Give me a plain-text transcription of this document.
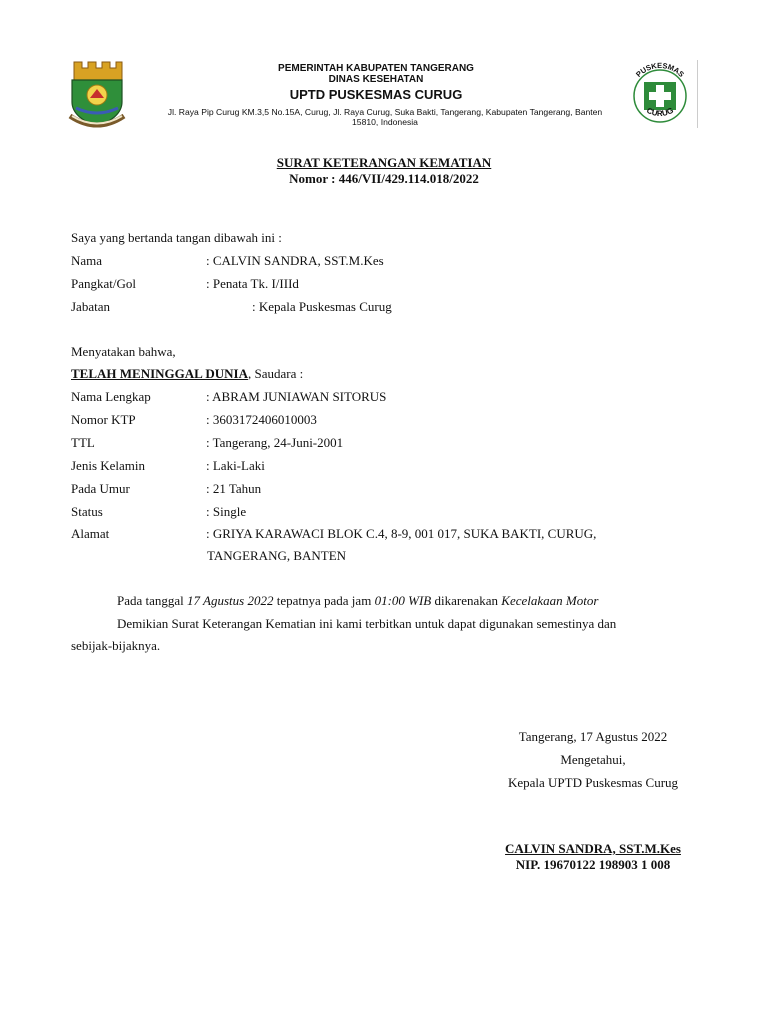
PEMERINTAH KABUPATEN TANGERANG
DINAS KESEHATAN
UPTD PUSKESMAS CURUG
Jl. Raya Pip Curug KM.3,5 No.15A, Curug, Jl. Raya Curug, Suka Bakti, Tangerang, Kabupaten Tangerang, Banten
15810, Indonesia
PUSKESMAS
CURUG
SURAT KETERANGAN KEMATIAN
Nomor : 446/VII/429.114.018/2022
Saya yang bertanda tangan dibawah ini :
Nama	: CALVIN SANDRA, SST.M.Kes
Pangkat/Gol	: Penata Tk. I/IIId
Jabatan	: Kepala Puskesmas Curug
Menyatakan bahwa,
TELAH MENINGGAL DUNIA, Saudara :
Nama Lengkap	: ABRAM JUNIAWAN SITORUS
Nomor KTP	: 3603172406010003
TTL	: Tangerang, 24-Juni-2001
Jenis Kelamin	: Laki-Laki
Pada Umur	: 21 Tahun
Status	: Single
Alamat	: GRIYA KARAWACI BLOK C.4, 8-9, 001 017, SUKA BAKTI, CURUG,
TANGERANG, BANTEN
Pada tanggal 17 Agustus 2022 tepatnya pada jam 01:00 WIB dikarenakan Kecelakaan Motor
Demikian Surat Keterangan Kematian ini kami terbitkan untuk dapat digunakan semestinya dan
sebijak-bijaknya.
Tangerang, 17 Agustus 2022
Mengetahui,
Kepala UPTD Puskesmas Curug
CALVIN SANDRA, SST.M.Kes
NIP. 19670122 198903 1 008
